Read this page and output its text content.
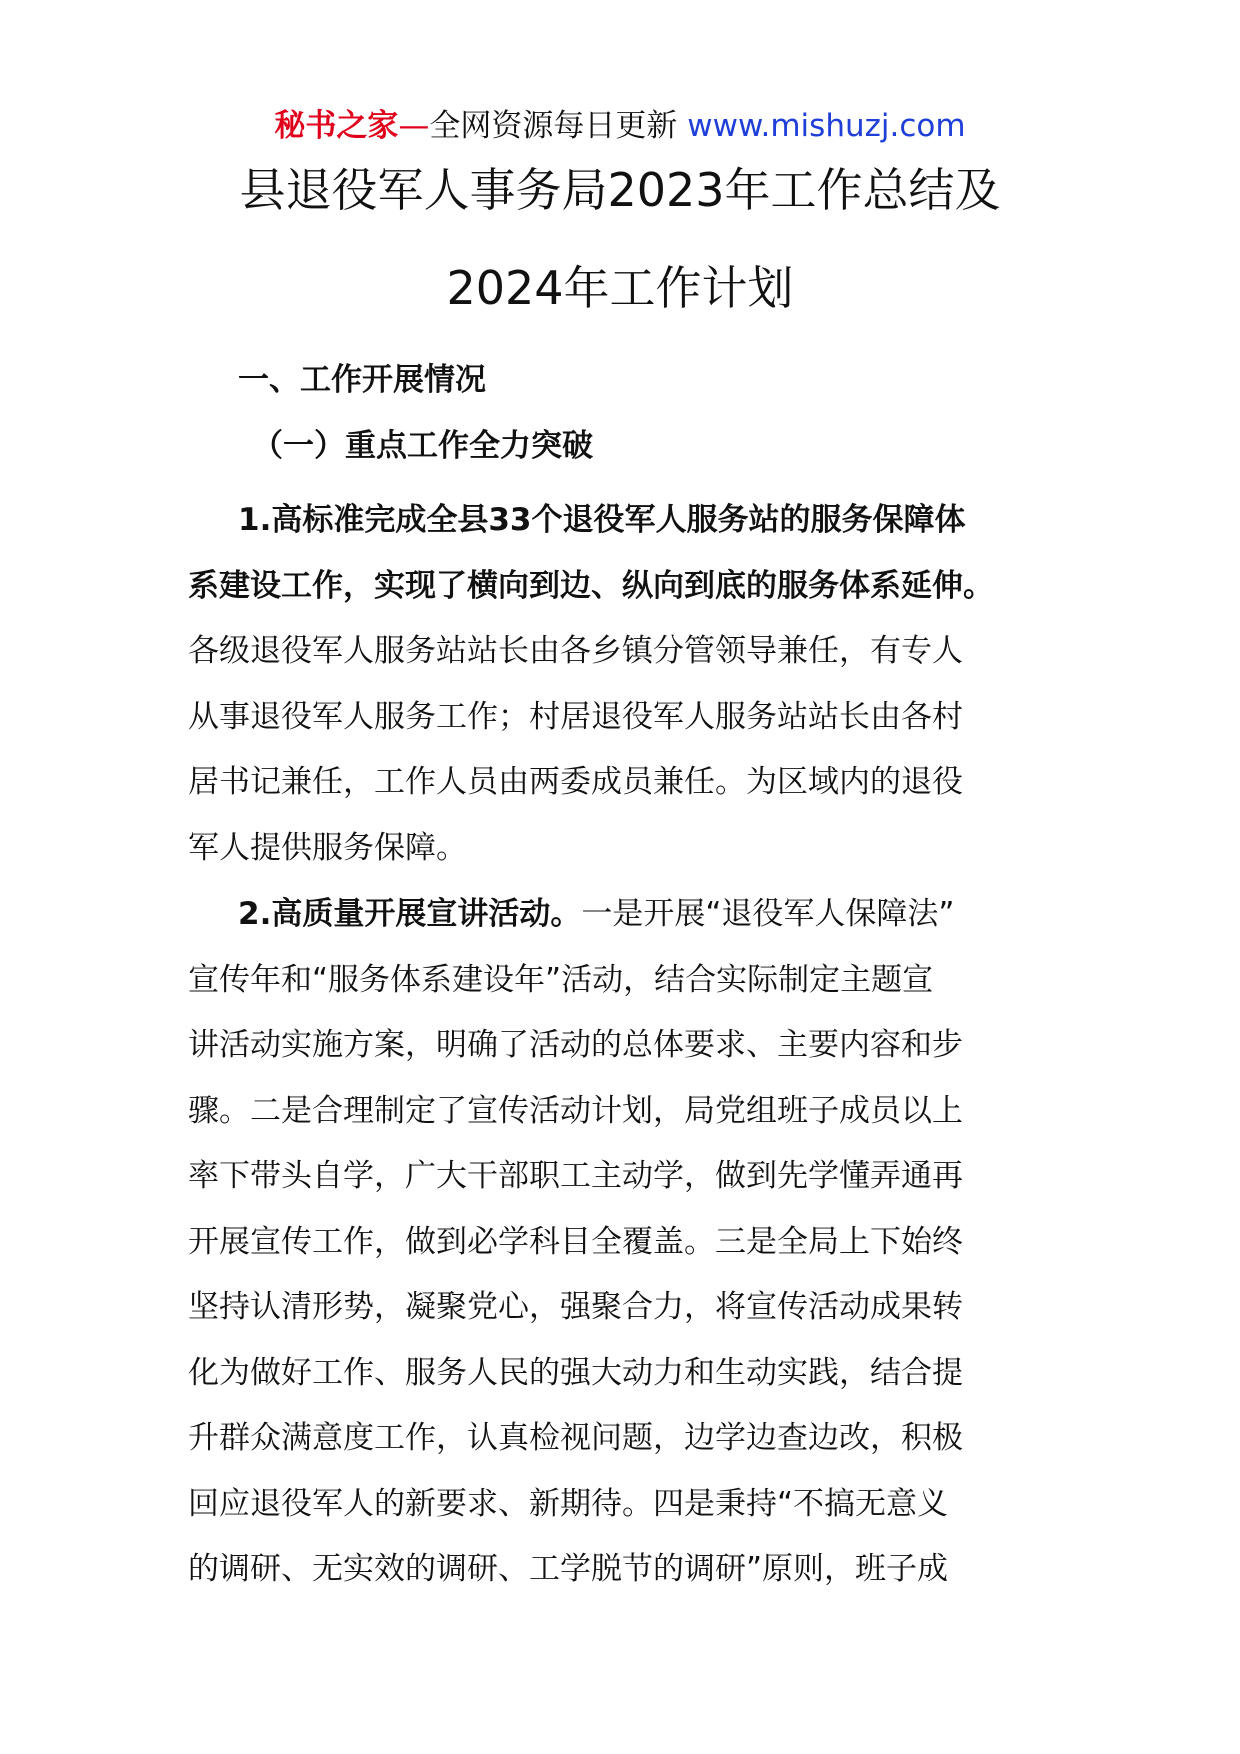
秘书之家—全网资源每日更新 www.mishuzj.com
县退役军人事务局2023年工作总结及
2024年工作计划
一、工作开展情况
（一）重点工作全力突破
1.高标准完成全县33个退役军人服务站的服务保障体
系建设工作，实现了横向到边、纵向到底的服务体系延伸。
各级退役军人服务站站长由各乡镇分管领导兼任，有专人
从事退役军人服务工作；村居退役军人服务站站长由各村
居书记兼任，工作人员由两委成员兼任。为区域内的退役
军人提供服务保障。
2.高质量开展宣讲活动。一是开展“退役军人保障法”
宣传年和“服务体系建设年”活动，结合实际制定主题宣
讲活动实施方案，明确了活动的总体要求、主要内容和步
骤。二是合理制定了宣传活动计划，局党组班子成员以上
率下带头自学，广大干部职工主动学，做到先学懂弄通再
开展宣传工作，做到必学科目全覆盖。三是全局上下始终
坚持认清形势，凝聚党心，强聚合力，将宣传活动成果转
化为做好工作、服务人民的强大动力和生动实践，结合提
升群众满意度工作，认真检视问题，边学边查边改，积极
回应退役军人的新要求、新期待。四是秉持“不搞无意义
的调研、无实效的调研、工学脱节的调研”原则，班子成
